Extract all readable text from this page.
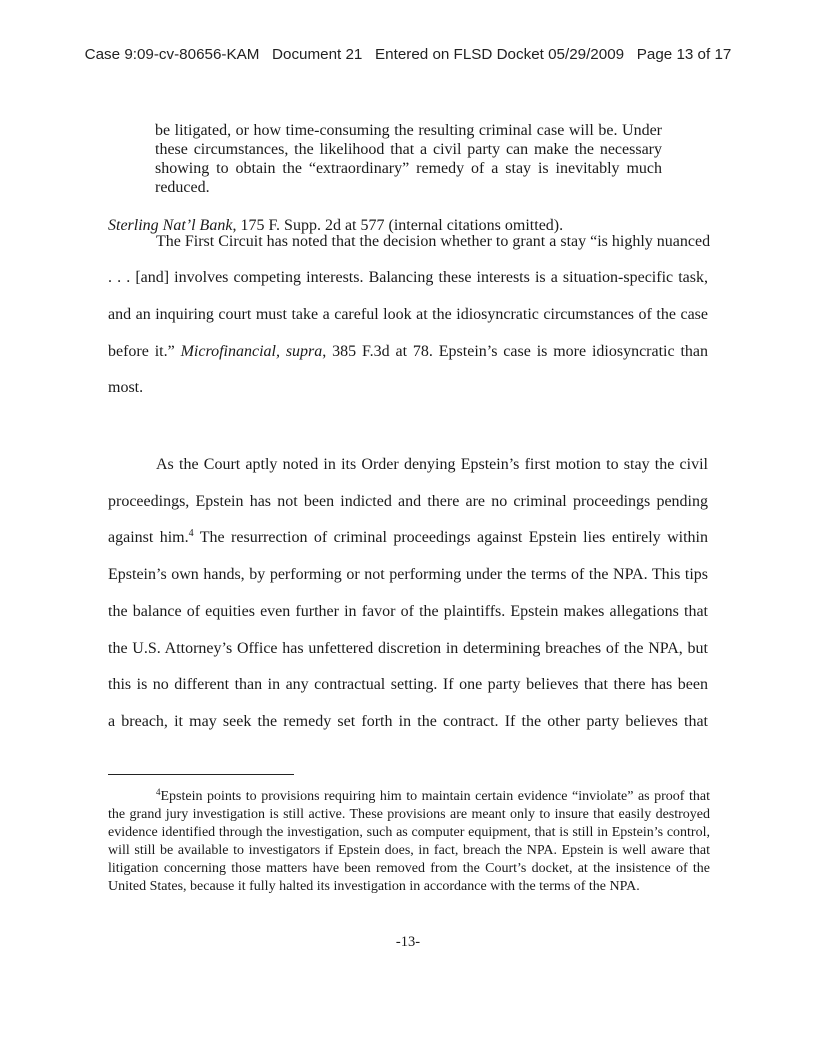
Case 9:09-cv-80656-KAM   Document 21   Entered on FLSD Docket 05/29/2009   Page 13 of 17
be litigated, or how time-consuming the resulting criminal case will be. Under these circumstances, the likelihood that a civil party can make the necessary showing to obtain the “extraordinary” remedy of a stay is inevitably much reduced.
Sterling Nat’l Bank, 175 F. Supp. 2d at 577 (internal citations omitted).
The First Circuit has noted that the decision whether to grant a stay “is highly nuanced
. . . [and] involves competing interests. Balancing these interests is a situation-specific task,
and an inquiring court must take a careful look at the idiosyncratic circumstances of the case
before it.” Microfinancial, supra, 385 F.3d at 78. Epstein’s case is more idiosyncratic than
most.
As the Court aptly noted in its Order denying Epstein’s first motion to stay the civil
proceedings, Epstein has not been indicted and there are no criminal proceedings pending
against him.$^4$ The resurrection of criminal proceedings against Epstein lies entirely within
Epstein’s own hands, by performing or not performing under the terms of the NPA. This tips
the balance of equities even further in favor of the plaintiffs. Epstein makes allegations that
the U.S. Attorney’s Office has unfettered discretion in determining breaches of the NPA, but
this is no different than in any contractual setting. If one party believes that there has been
a breach, it may seek the remedy set forth in the contract. If the other party believes that
$^4$Epstein points to provisions requiring him to maintain certain evidence “inviolate” as proof that the grand jury investigation is still active. These provisions are meant only to insure that easily destroyed evidence identified through the investigation, such as computer equipment, that is still in Epstein’s control, will still be available to investigators if Epstein does, in fact, breach the NPA. Epstein is well aware that litigation concerning those matters have been removed from the Court’s docket, at the insistence of the United States, because it fully halted its investigation in accordance with the terms of the NPA.
-13-
